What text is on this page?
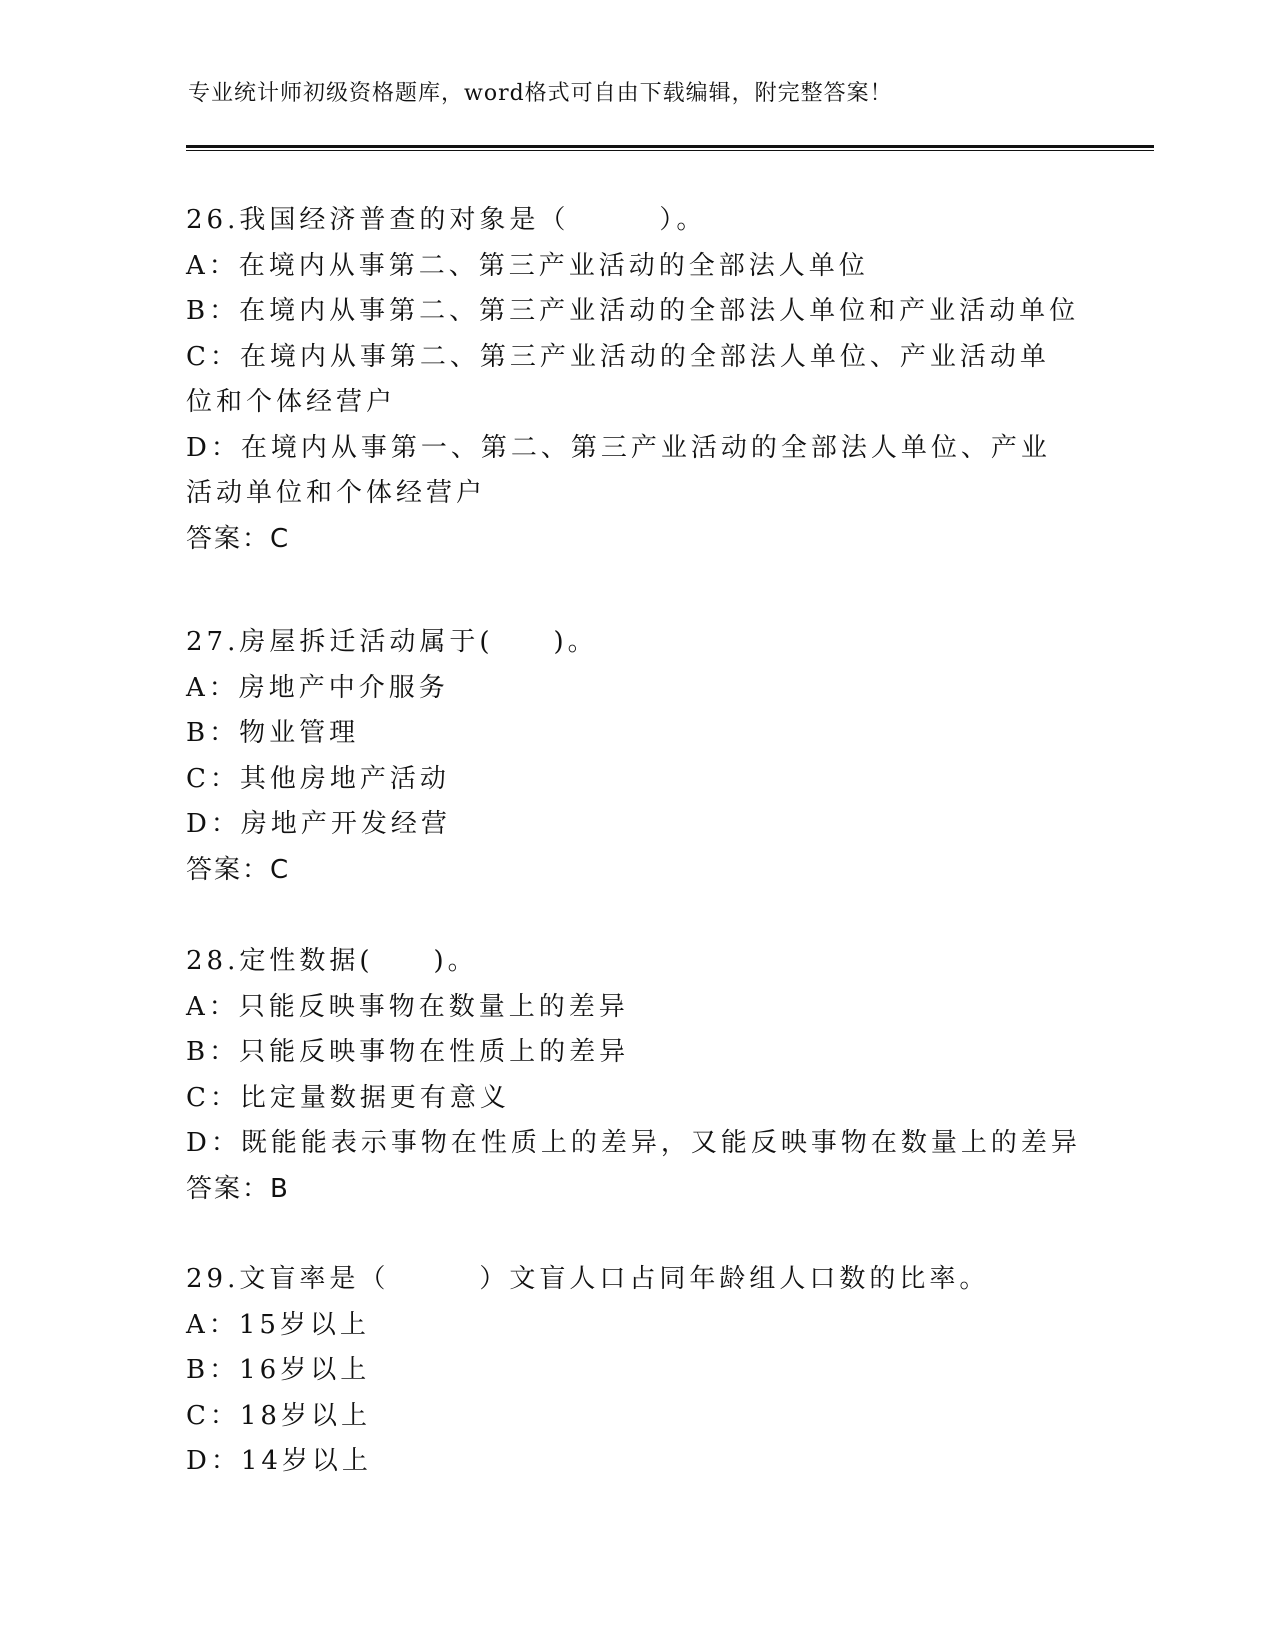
专业统计师初级资格题库，word格式可自由下载编辑，附完整答案！

26.我国经济普查的对象是（　　　）。

A：在境内从事第二、第三产业活动的全部法人单位

B：在境内从事第二、第三产业活动的全部法人单位和产业活动单位

C：在境内从事第二、第三产业活动的全部法人单位、产业活动单位和个体经营户

D：在境内从事第一、第二、第三产业活动的全部法人单位、产业活动单位和个体经营户

答案：C

27.房屋拆迁活动属于(　　)。

A：房地产中介服务

B：物业管理

C：其他房地产活动

D：房地产开发经营

答案：C

28.定性数据(　　)。

A：只能反映事物在数量上的差异

B：只能反映事物在性质上的差异

C：比定量数据更有意义

D：既能能表示事物在性质上的差异，又能反映事物在数量上的差异

答案：B

29.文盲率是（　　　）文盲人口占同年龄组人口数的比率。

A：15岁以上

B：16岁以上

C：18岁以上

D：14岁以上
